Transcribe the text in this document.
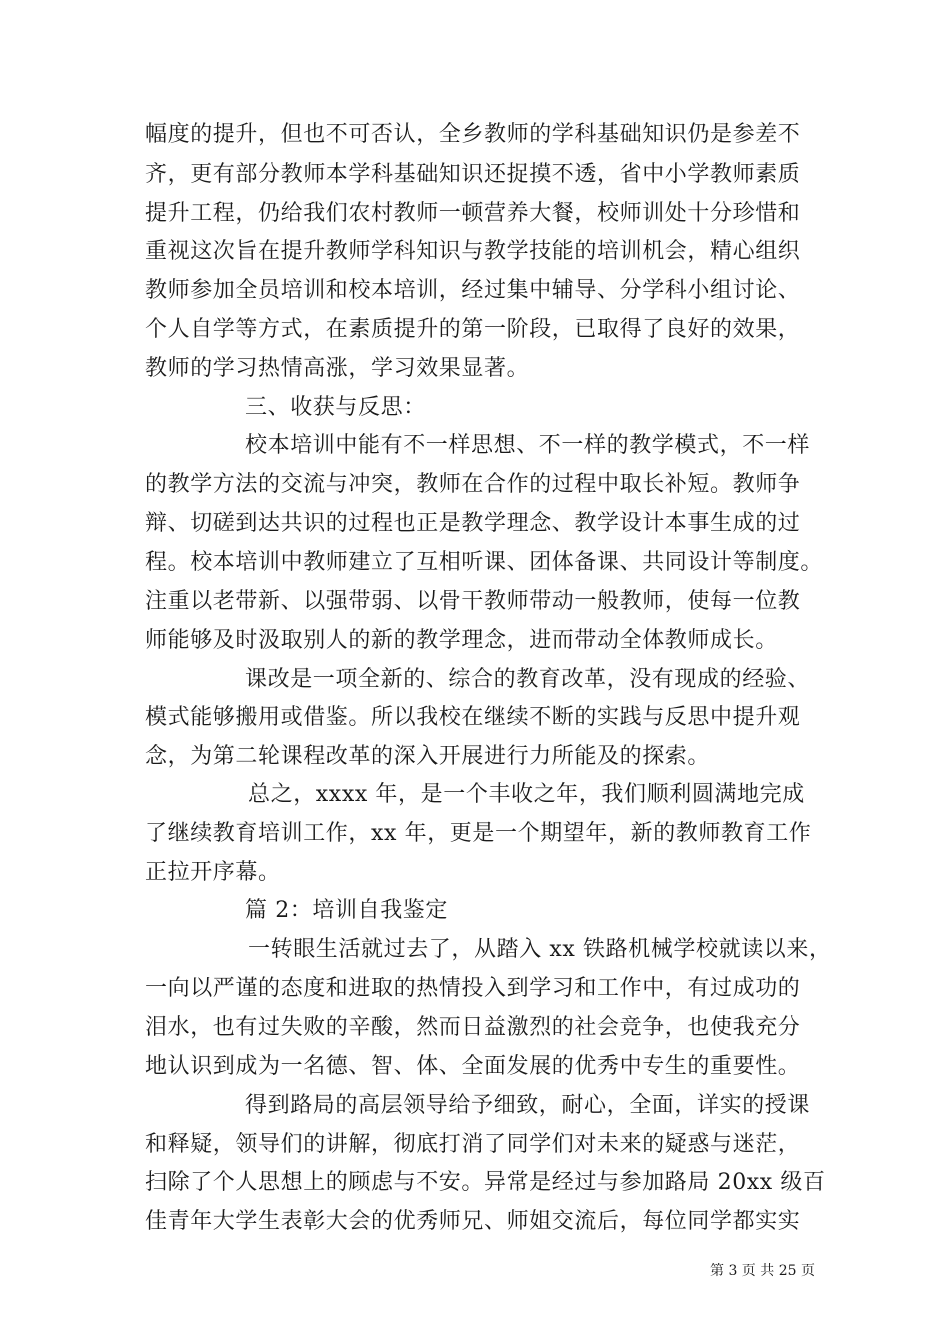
幅度的提升，但也不可否认，全乡教师的学科基础知识仍是参差不
齐，更有部分教师本学科基础知识还捉摸不透，省中小学教师素质
提升工程，仍给我们农村教师一顿营养大餐，校师训处十分珍惜和
重视这次旨在提升教师学科知识与教学技能的培训机会，精心组织
教师参加全员培训和校本培训，经过集中辅导、分学科小组讨论、
个人自学等方式，在素质提升的第一阶段，已取得了良好的效果，
教师的学习热情高涨，学习效果显著。
三、收获与反思：
校本培训中能有不一样思想、不一样的教学模式，不一样
的教学方法的交流与冲突，教师在合作的过程中取长补短。教师争
辩、切磋到达共识的过程也正是教学理念、教学设计本事生成的过
程。校本培训中教师建立了互相听课、团体备课、共同设计等制度。
注重以老带新、以强带弱、以骨干教师带动一般教师，使每一位教
师能够及时汲取别人的新的教学理念，进而带动全体教师成长。
课改是一项全新的、综合的教育改革，没有现成的经验、
模式能够搬用或借鉴。所以我校在继续不断的实践与反思中提升观
念，为第二轮课程改革的深入开展进行力所能及的探索。
总之，xxxx 年，是一个丰收之年，我们顺利圆满地完成
了继续教育培训工作，xx 年，更是一个期望年，新的教师教育工作
正拉开序幕。
篇 2：培训自我鉴定
一转眼生活就过去了，从踏入 xx 铁路机械学校就读以来，
一向以严谨的态度和进取的热情投入到学习和工作中，有过成功的
泪水，也有过失败的辛酸，然而日益激烈的社会竞争，也使我充分
地认识到成为一名德、智、体、全面发展的优秀中专生的重要性。
得到路局的高层领导给予细致，耐心，全面，详实的授课
和释疑，领导们的讲解，彻底打消了同学们对未来的疑惑与迷茫，
扫除了个人思想上的顾虑与不安。异常是经过与参加路局 20xx 级百
佳青年大学生表彰大会的优秀师兄、师姐交流后，每位同学都实实
第 3 页 共 25 页
